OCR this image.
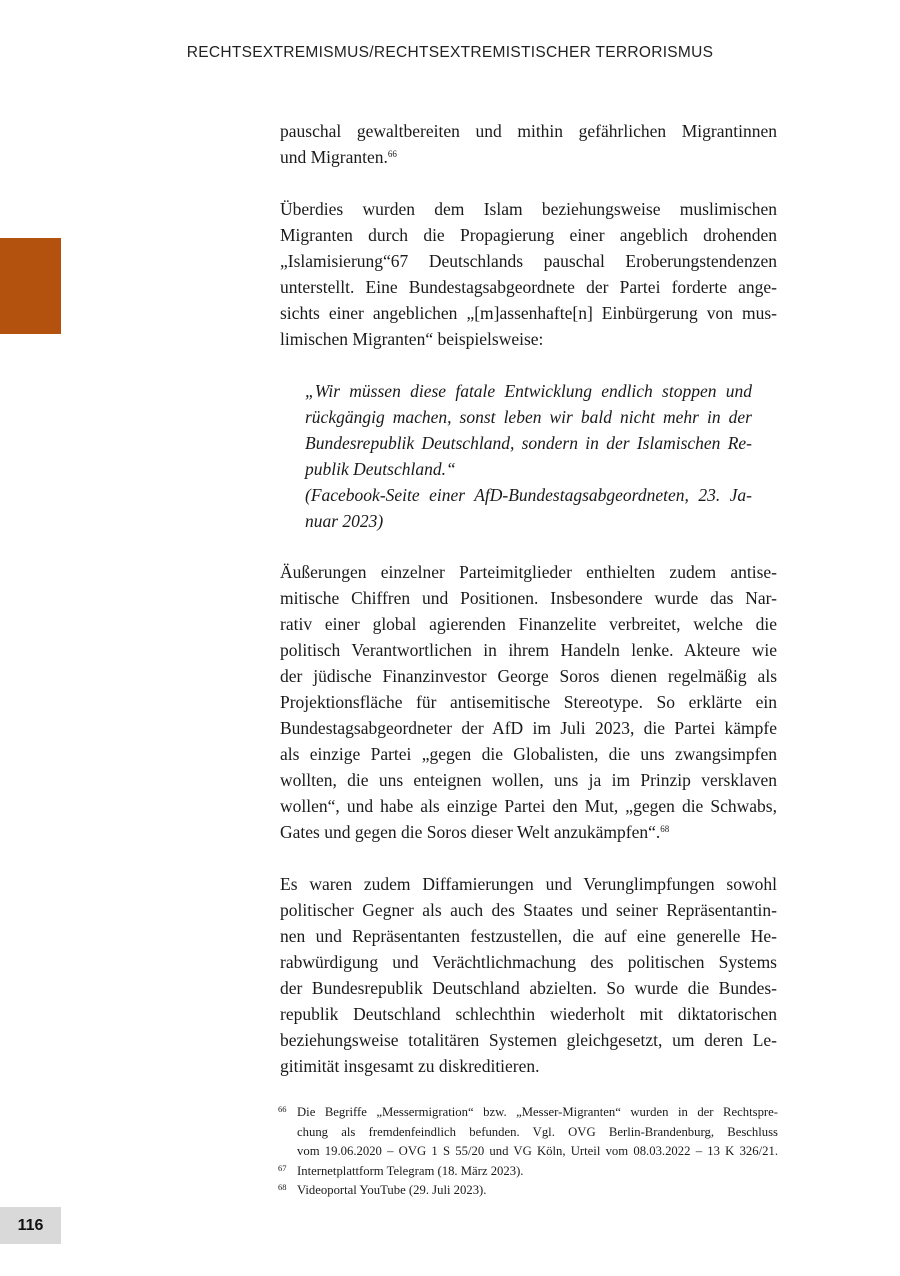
RECHTSEXTREMISMUS/RECHTSEXTREMISTISCHER TERRORISMUS
pauschal gewaltbereiten und mithin gefährlichen Migrantinnen
und Migranten.$^{66}$
Überdies wurden dem Islam beziehungsweise muslimischen
Migranten durch die Propagierung einer angeblich drohenden
„Islamisierung“67 Deutschlands pauschal Eroberungstendenzen
unterstellt. Eine Bundestagsabgeordnete der Partei forderte ange-
sichts einer angeblichen „[m]assenhafte[n] Einbürgerung von mus-
limischen Migranten“ beispielsweise:
„Wir müssen diese fatale Entwicklung endlich stoppen und
rückgängig machen, sonst leben wir bald nicht mehr in der
Bundesrepublik Deutschland, sondern in der Islamischen Re-
publik Deutschland.“
(Facebook-Seite einer AfD-Bundestagsabgeordneten, 23. Ja-
nuar 2023)
Äußerungen einzelner Parteimitglieder enthielten zudem antise-
mitische Chiffren und Positionen. Insbesondere wurde das Nar-
rativ einer global agierenden Finanzelite verbreitet, welche die
politisch Verantwortlichen in ihrem Handeln lenke. Akteure wie
der jüdische Finanzinvestor George Soros dienen regelmäßig als
Projektionsfläche für antisemitische Stereotype. So erklärte ein
Bundestagsabgeordneter der AfD im Juli 2023, die Partei kämpfe
als einzige Partei „gegen die Globalisten, die uns zwangsimpfen
wollten, die uns enteignen wollen, uns ja im Prinzip versklaven
wollen“, und habe als einzige Partei den Mut, „gegen die Schwabs,
Gates und gegen die Soros dieser Welt anzukämpfen“.$^{68}$
Es waren zudem Diffamierungen und Verunglimpfungen sowohl
politischer Gegner als auch des Staates und seiner Repräsentantin-
nen und Repräsentanten festzustellen, die auf eine generelle He-
rabwürdigung und Verächtlichmachung des politischen Systems
der Bundesrepublik Deutschland abzielten. So wurde die Bundes-
republik Deutschland schlechthin wiederholt mit diktatorischen
beziehungsweise totalitären Systemen gleichgesetzt, um deren Le-
gitimität insgesamt zu diskreditieren.
66 Die Begriffe „Messermigration“ bzw. „Messer-Migranten“ wurden in der Rechtspre-
chung als fremdenfeindlich befunden. Vgl. OVG Berlin-Brandenburg, Beschluss
vom 19.06.2020 – OVG 1 S 55/20 und VG Köln, Urteil vom 08.03.2022 – 13 K 326/21.
67 Internetplattform Telegram (18. März 2023).
68 Videoportal YouTube (29. Juli 2023).
116
